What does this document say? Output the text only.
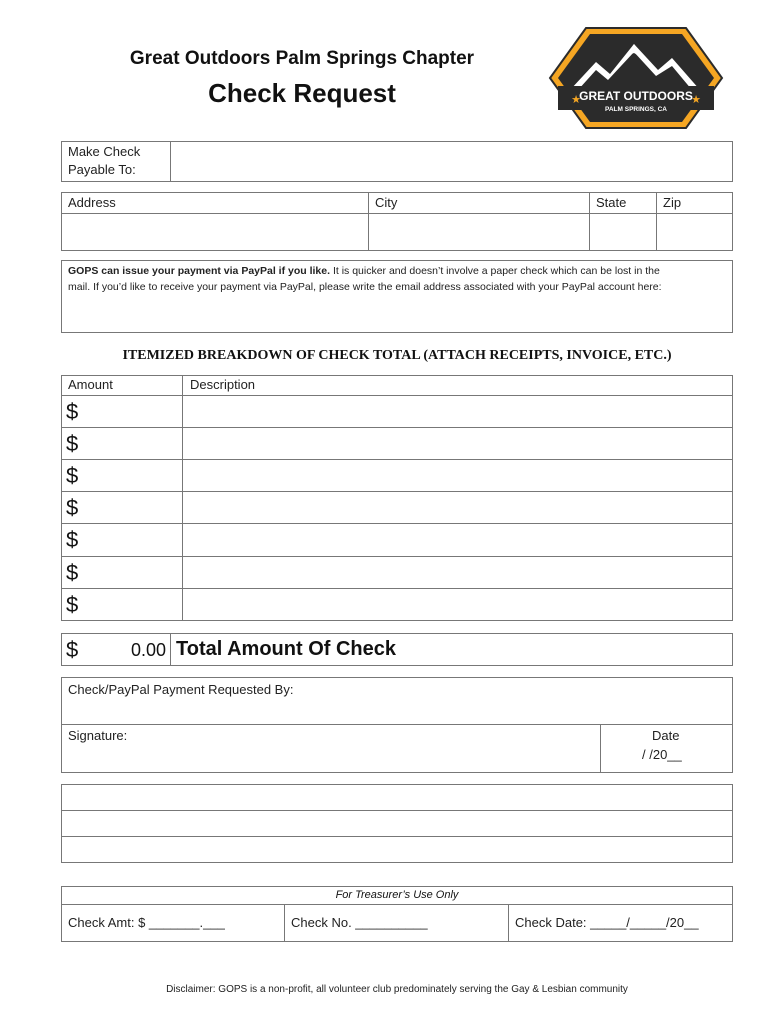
Great Outdoors Palm Springs Chapter
Check Request	GREAT OUTDOORS
PALM SPRINGS, CA
★	★
Make Check
Payable To:
Address	City	State	Zip
GOPS can issue your payment via PayPal if you like. It is quicker and doesn’t involve a paper check which can be lost in the
mail. If you’d like to receive your payment via PayPal, please write the email address associated with your PayPal account here:
ITEMIZED BREAKDOWN OF CHECK TOTAL (ATTACH RECEIPTS, INVOICE, ETC.)
Amount	Description
$
$
$
$
$
$
$
$	0.00 Total Amount Of Check
Check/PayPal Payment Requested By:
Signature:	Date
/ /20__
For Treasurer’s Use Only
Check Amt: $ _______.___	Check No. __________	Check Date: _____/_____/20__
Disclaimer: GOPS is a non-profit, all volunteer club predominately serving the Gay & Lesbian community
